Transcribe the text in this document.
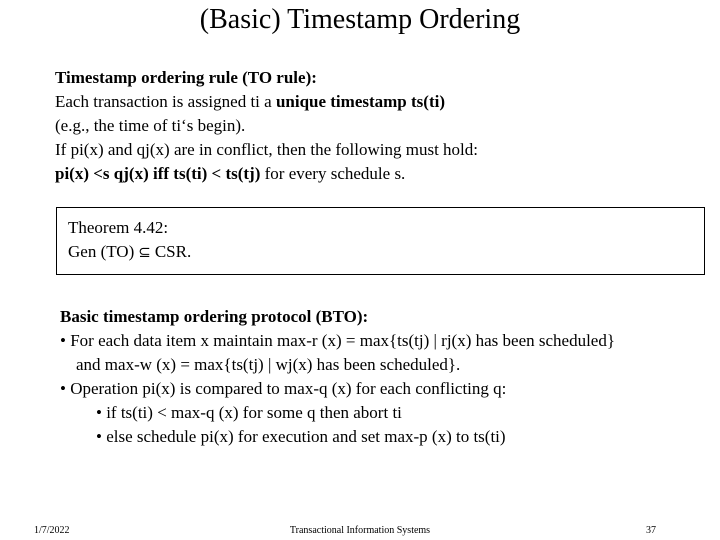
(Basic) Timestamp Ordering
Timestamp ordering rule (TO rule):
Each transaction is assigned ti a unique timestamp ts(ti)
(e.g., the time of ti‘s begin).
If pi(x) and qj(x) are in conflict, then the following must hold:
pi(x) <s qj(x) iff ts(ti) < ts(tj) for every schedule s.
Theorem 4.42:
Gen (TO) ⊆ CSR.
Basic timestamp ordering protocol (BTO):
• For each data item x maintain max-r (x) = max{ts(tj) | rj(x) has been scheduled}
and max-w (x) = max{ts(tj) | wj(x) has been scheduled}.
• Operation pi(x) is compared to max-q (x) for each conflicting q:
• if ts(ti) < max-q (x) for some q then abort ti
• else schedule pi(x) for execution and set max-p (x) to ts(ti)
1/7/2022	Transactional Information Systems	37
